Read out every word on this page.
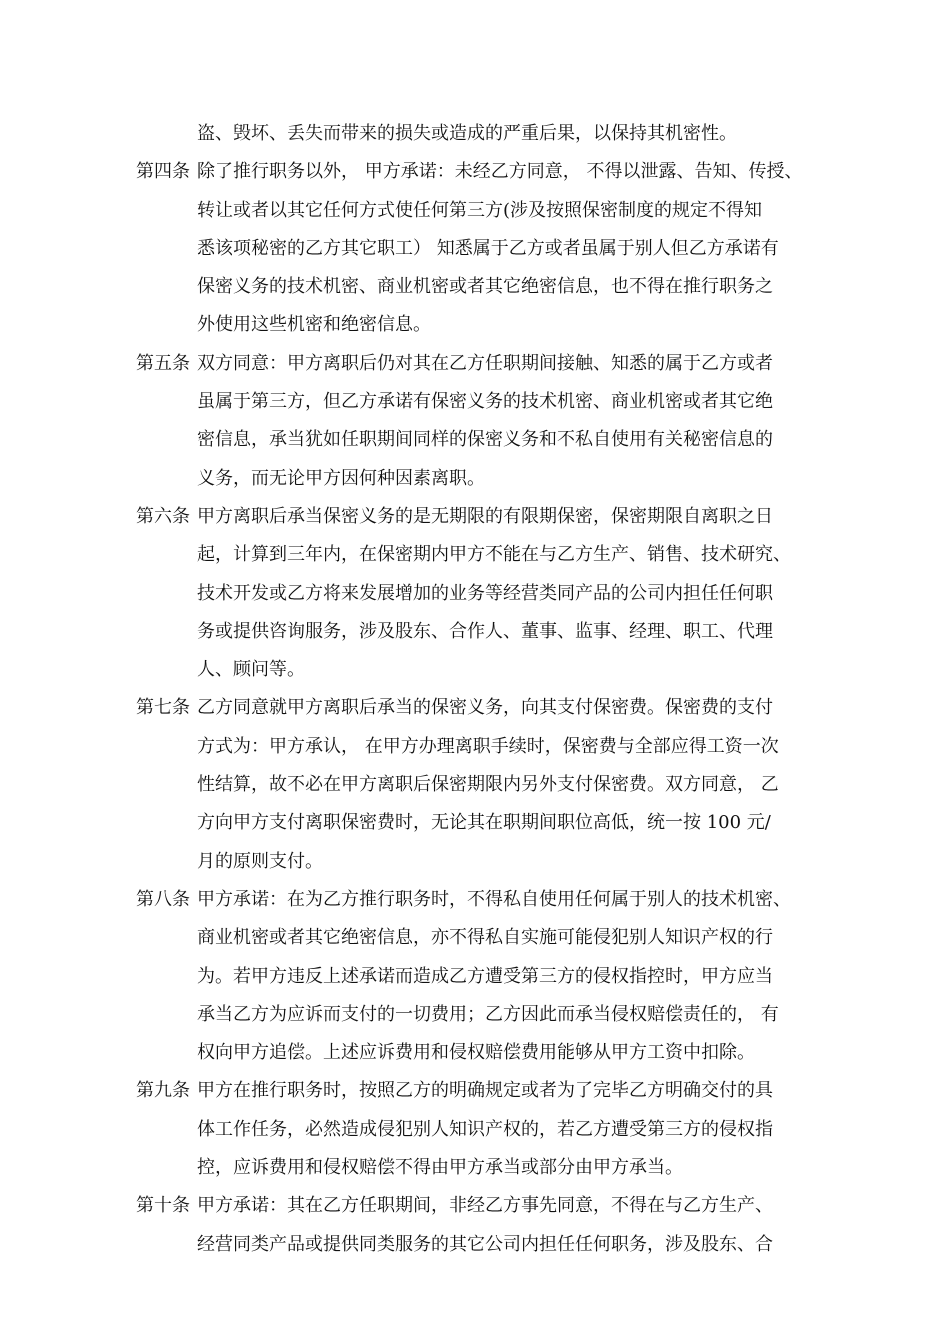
盗、毁坏、丢失而带来的损失或造成的严重后果，以保持其机密性。
第四条 除了推行职务以外， 甲方承诺：未经乙方同意， 不得以泄露、告知、传授、
转让或者以其它任何方式使任何第三方(涉及按照保密制度的规定不得知
悉该项秘密的乙方其它职工） 知悉属于乙方或者虽属于别人但乙方承诺有
保密义务的技术机密、商业机密或者其它绝密信息，也不得在推行职务之
外使用这些机密和绝密信息。
第五条 双方同意：甲方离职后仍对其在乙方任职期间接触、知悉的属于乙方或者
虽属于第三方，但乙方承诺有保密义务的技术机密、商业机密或者其它绝
密信息，承当犹如任职期间同样的保密义务和不私自使用有关秘密信息的
义务，而无论甲方因何种因素离职。
第六条 甲方离职后承当保密义务的是无期限的有限期保密，保密期限自离职之日
起，计算到三年内，在保密期内甲方不能在与乙方生产、销售、技术研究、
技术开发或乙方将来发展增加的业务等经营类同产品的公司内担任任何职
务或提供咨询服务，涉及股东、合作人、董事、监事、经理、职工、代理
人、顾问等。
第七条 乙方同意就甲方离职后承当的保密义务，向其支付保密费。保密费的支付
方式为：甲方承认， 在甲方办理离职手续时，保密费与全部应得工资一次
性结算，故不必在甲方离职后保密期限内另外支付保密费。双方同意， 乙
方向甲方支付离职保密费时，无论其在职期间职位高低，统一按 100 元/
月的原则支付。
第八条 甲方承诺：在为乙方推行职务时，不得私自使用任何属于别人的技术机密、
商业机密或者其它绝密信息，亦不得私自实施可能侵犯别人知识产权的行
为。若甲方违反上述承诺而造成乙方遭受第三方的侵权指控时，甲方应当
承当乙方为应诉而支付的一切费用；乙方因此而承当侵权赔偿责任的， 有
权向甲方追偿。上述应诉费用和侵权赔偿费用能够从甲方工资中扣除。
第九条 甲方在推行职务时，按照乙方的明确规定或者为了完毕乙方明确交付的具
体工作任务，必然造成侵犯别人知识产权的，若乙方遭受第三方的侵权指
控，应诉费用和侵权赔偿不得由甲方承当或部分由甲方承当。
第十条 甲方承诺：其在乙方任职期间，非经乙方事先同意，不得在与乙方生产、
经营同类产品或提供同类服务的其它公司内担任任何职务，涉及股东、合
